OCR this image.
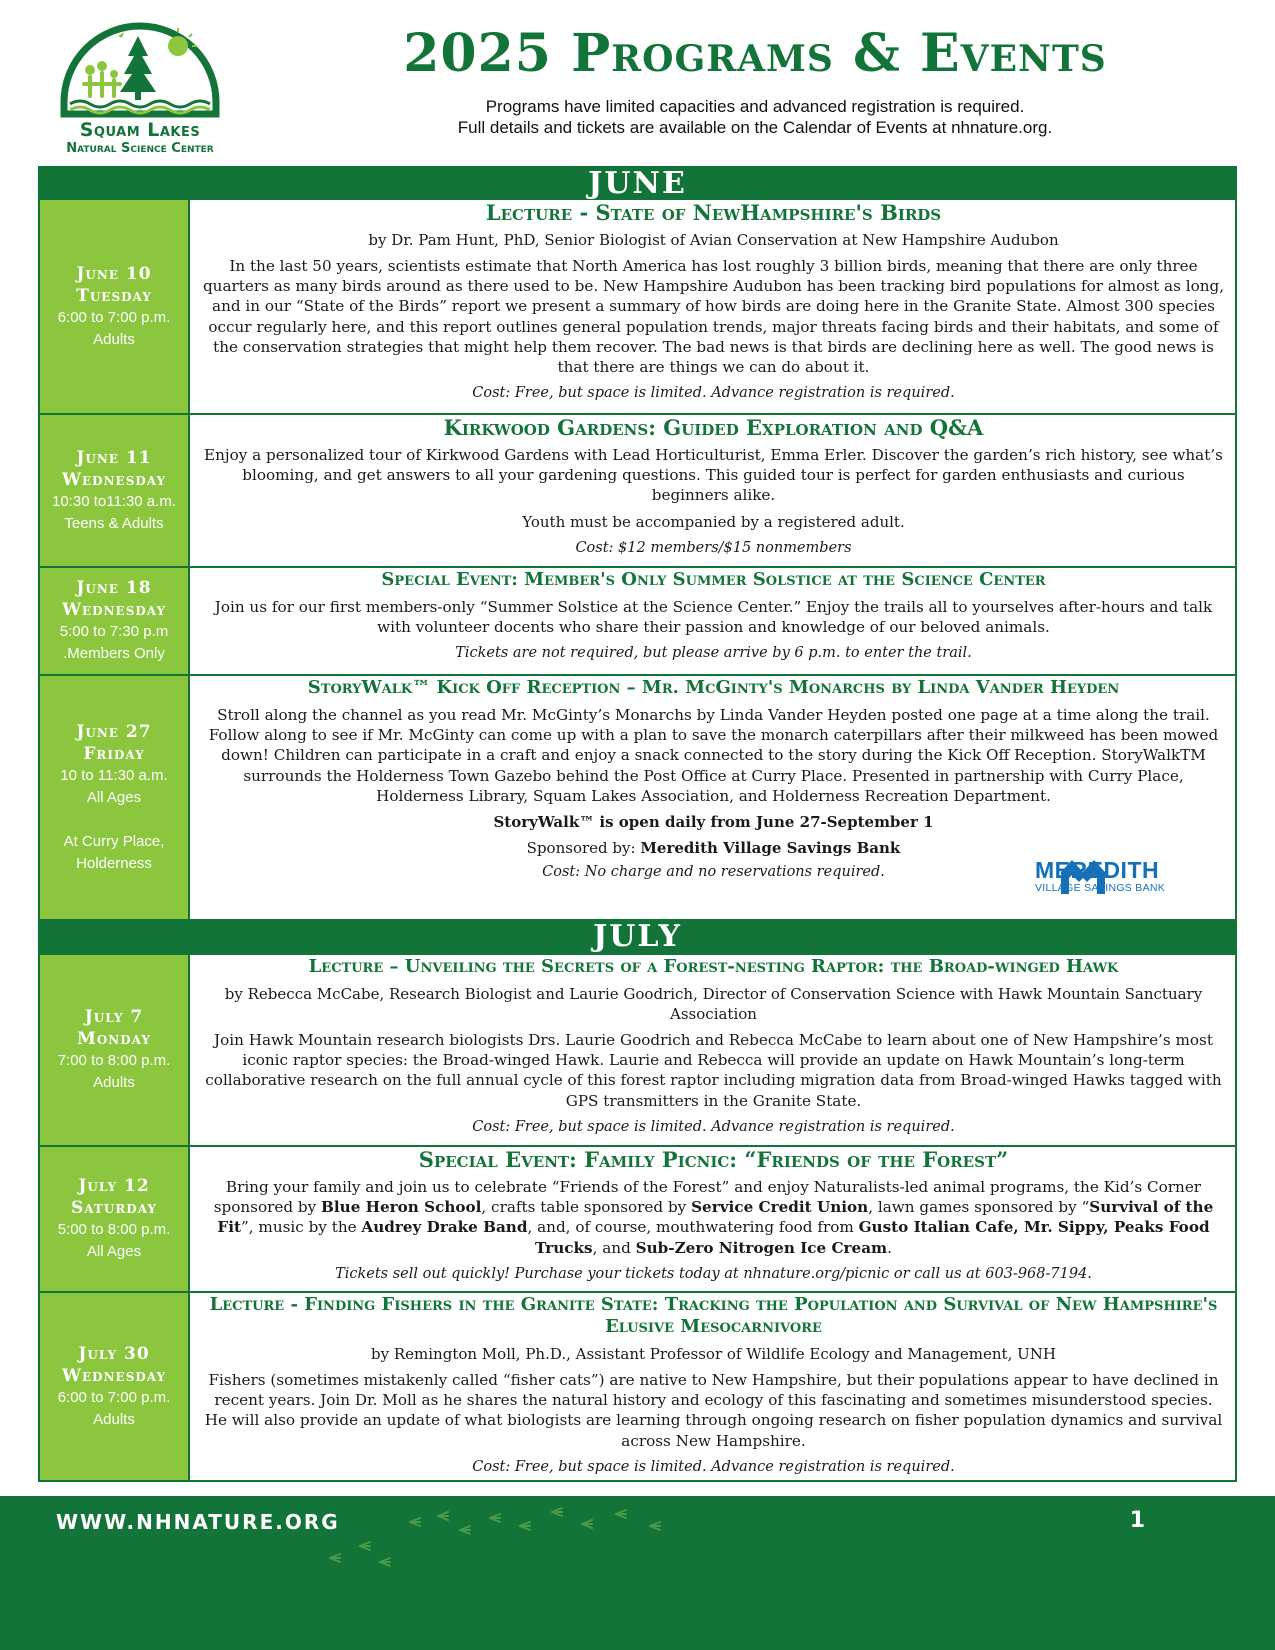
Squam Lakes
Natural Science Center
2025 Programs & Events
Programs have limited capacities and advanced registration is required.
Full details and tickets are available on the Calendar of Events at nhnature.org.
JUNE
June 10
Tuesday
6:00 to 7:00 p.m.
Adults
Lecture - State of NewHampshire's Birds
by Dr. Pam Hunt, PhD, Senior Biologist of Avian Conservation at New Hampshire Audubon
In the last 50 years, scientists estimate that North America has lost roughly 3 billion birds, meaning that there are only three quarters as many birds around as there used to be. New Hampshire Audubon has been tracking bird populations for almost as long, and in our “State of the Birds” report we present a summary of how birds are doing here in the Granite State. Almost 300 species occur regularly here, and this report outlines general population trends, major threats facing birds and their habitats, and some of the conservation strategies that might help them recover. The bad news is that birds are declining here as well. The good news is that there are things we can do about it.
Cost: Free, but space is limited. Advance registration is required.
June 11
Wednesday
10:30 to11:30 a.m.
Teens & Adults
Kirkwood Gardens: Guided Exploration and Q&A
Enjoy a personalized tour of Kirkwood Gardens with Lead Horticulturist, Emma Erler. Discover the garden’s rich history, see what’s blooming, and get answers to all your gardening questions. This guided tour is perfect for garden enthusiasts and curious beginners alike.
Youth must be accompanied by a registered adult.
Cost: $12 members/$15 nonmembers
June 18
Wednesday
5:00 to 7:30 p.m
.Members Only
Special Event: Member's Only Summer Solstice at the Science Center
Join us for our first members-only “Summer Solstice at the Science Center.” Enjoy the trails all to yourselves after-hours and talk with volunteer docents who share their passion and knowledge of our beloved animals.
Tickets are not required, but please arrive by 6 p.m. to enter the trail.
June 27
Friday
10 to 11:30 a.m.
All Ages
At Curry Place, Holderness
StoryWalk™ Kick Off Reception – Mr. McGinty's Monarchs by Linda Vander Heyden
Stroll along the channel as you read Mr. McGinty’s Monarchs by Linda Vander Heyden posted one page at a time along the trail. Follow along to see if Mr. McGinty can come up with a plan to save the monarch caterpillars after their milkweed has been mowed down! Children can participate in a craft and enjoy a snack connected to the story during the Kick Off Reception. StoryWalkTM surrounds the Holderness Town Gazebo behind the Post Office at Curry Place. Presented in partnership with Curry Place, Holderness Library, Squam Lakes Association, and Holderness Recreation Department.
StoryWalk™ is open daily from June 27-September 1
Sponsored by: Meredith Village Savings Bank
Cost: No charge and no reservations required.	MEREDITH
VILLAGE SAVINGS BANK
JULY
July 7
Monday
7:00 to 8:00 p.m.
Adults
Lecture – Unveiling the Secrets of a Forest-nesting Raptor: the Broad-winged Hawk
by Rebecca McCabe, Research Biologist and Laurie Goodrich, Director of Conservation Science with Hawk Mountain Sanctuary Association
Join Hawk Mountain research biologists Drs. Laurie Goodrich and Rebecca McCabe to learn about one of New Hampshire’s most iconic raptor species: the Broad-winged Hawk. Laurie and Rebecca will provide an update on Hawk Mountain’s long-term collaborative research on the full annual cycle of this forest raptor including migration data from Broad-winged Hawks tagged with GPS transmitters in the Granite State.
Cost: Free, but space is limited. Advance registration is required.
July 12
Saturday
5:00 to 8:00 p.m.
All Ages
Special Event: Family Picnic: “Friends of the Forest”
Bring your family and join us to celebrate “Friends of the Forest” and enjoy Naturalists-led animal programs, the Kid’s Corner sponsored by Blue Heron School, crafts table sponsored by Service Credit Union, lawn games sponsored by “Survival of the Fit”, music by the Audrey Drake Band, and, of course, mouthwatering food from Gusto Italian Cafe, Mr. Sippy, Peaks Food Trucks, and Sub-Zero Nitrogen Ice Cream.
Tickets sell out quickly! Purchase your tickets today at nhnature.org/picnic or call us at 603-968-7194.
July 30
Wednesday
6:00 to 7:00 p.m.
Adults
Lecture - Finding Fishers in the Granite State: Tracking the Population and Survival of New Hampshire's Elusive Mesocarnivore
by Remington Moll, Ph.D., Assistant Professor of Wildlife Ecology and Management, UNH
Fishers (sometimes mistakenly called “fisher cats”) are native to New Hampshire, but their populations appear to have declined in recent years. Join Dr. Moll as he shares the natural history and ecology of this fascinating and sometimes misunderstood species. He will also provide an update of what biologists are learning through ongoing research on fisher population dynamics and survival across New Hampshire.
Cost: Free, but space is limited. Advance registration is required.
WWW.NHNATURE.ORG	1
